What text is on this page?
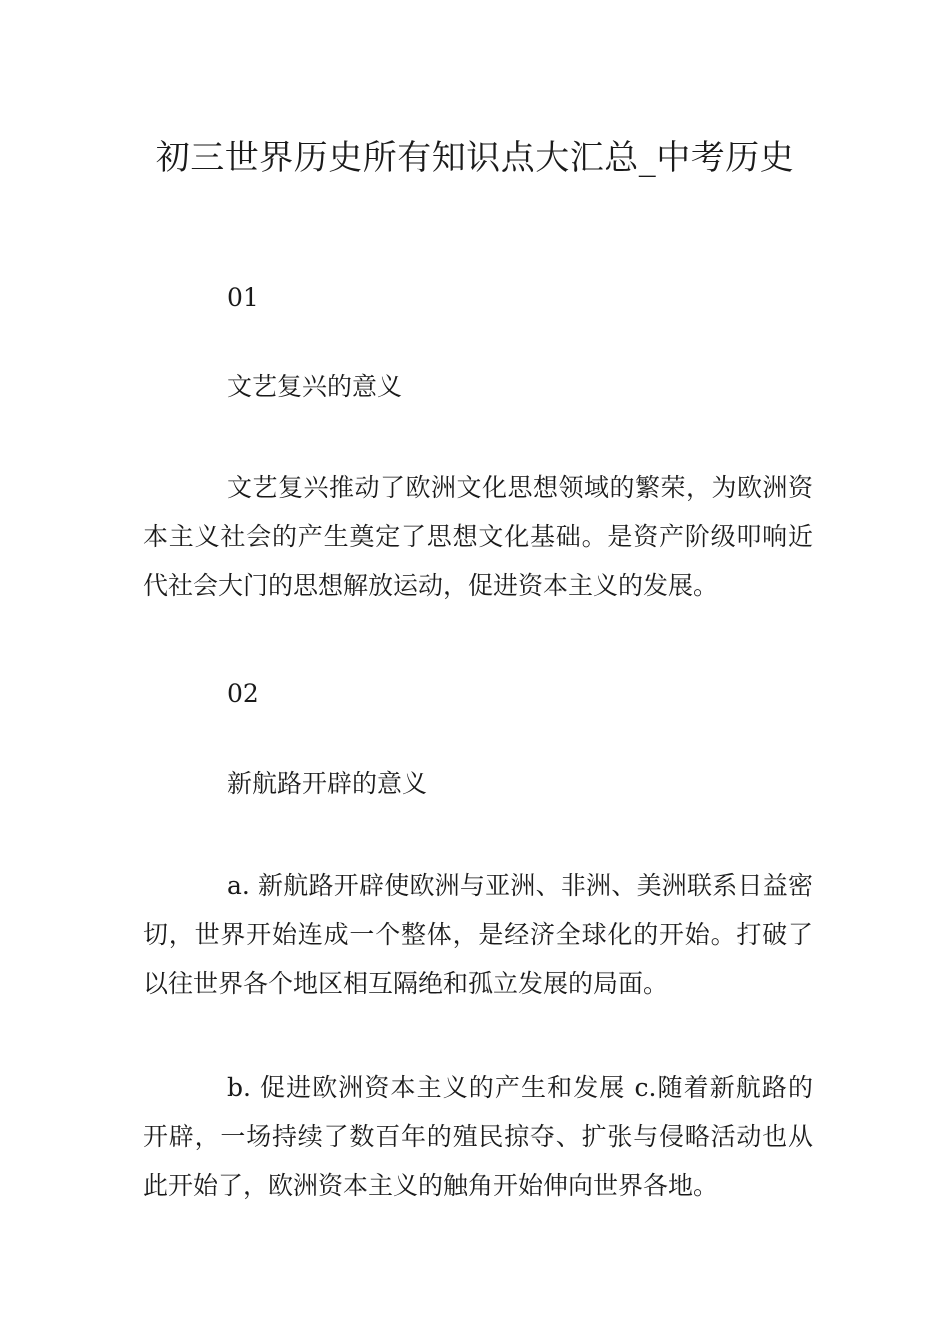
初三世界历史所有知识点大汇总_中考历史
01
文艺复兴的意义
文艺复兴推动了欧洲文化思想领域的繁荣，为欧洲资本主义社会的产生奠定了思想文化基础。是资产阶级叩响近代社会大门的思想解放运动，促进资本主义的发展。
02
新航路开辟的意义
a. 新航路开辟使欧洲与亚洲、非洲、美洲联系日益密切，世界开始连成一个整体，是经济全球化的开始。打破了以往世界各个地区相互隔绝和孤立发展的局面。
b. 促进欧洲资本主义的产生和发展 c.随着新航路的开辟，一场持续了数百年的殖民掠夺、扩张与侵略活动也从此开始了，欧洲资本主义的触角开始伸向世界各地。
